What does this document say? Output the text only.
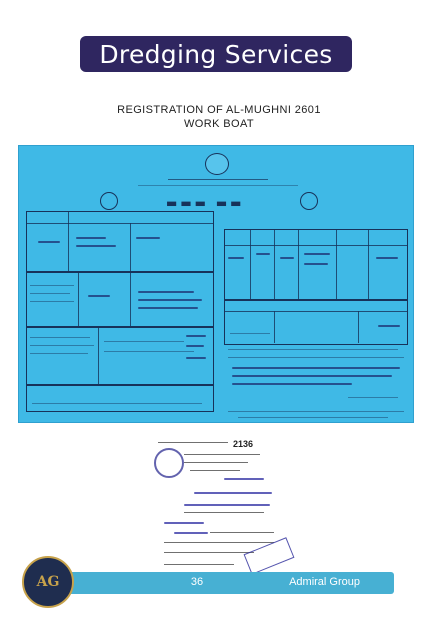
Dredging Services
REGISTRATION OF AL-MUGHNI 2601
WORK BOAT
▬▬▬ ▬▬
2136
36	Admiral Group
AG
